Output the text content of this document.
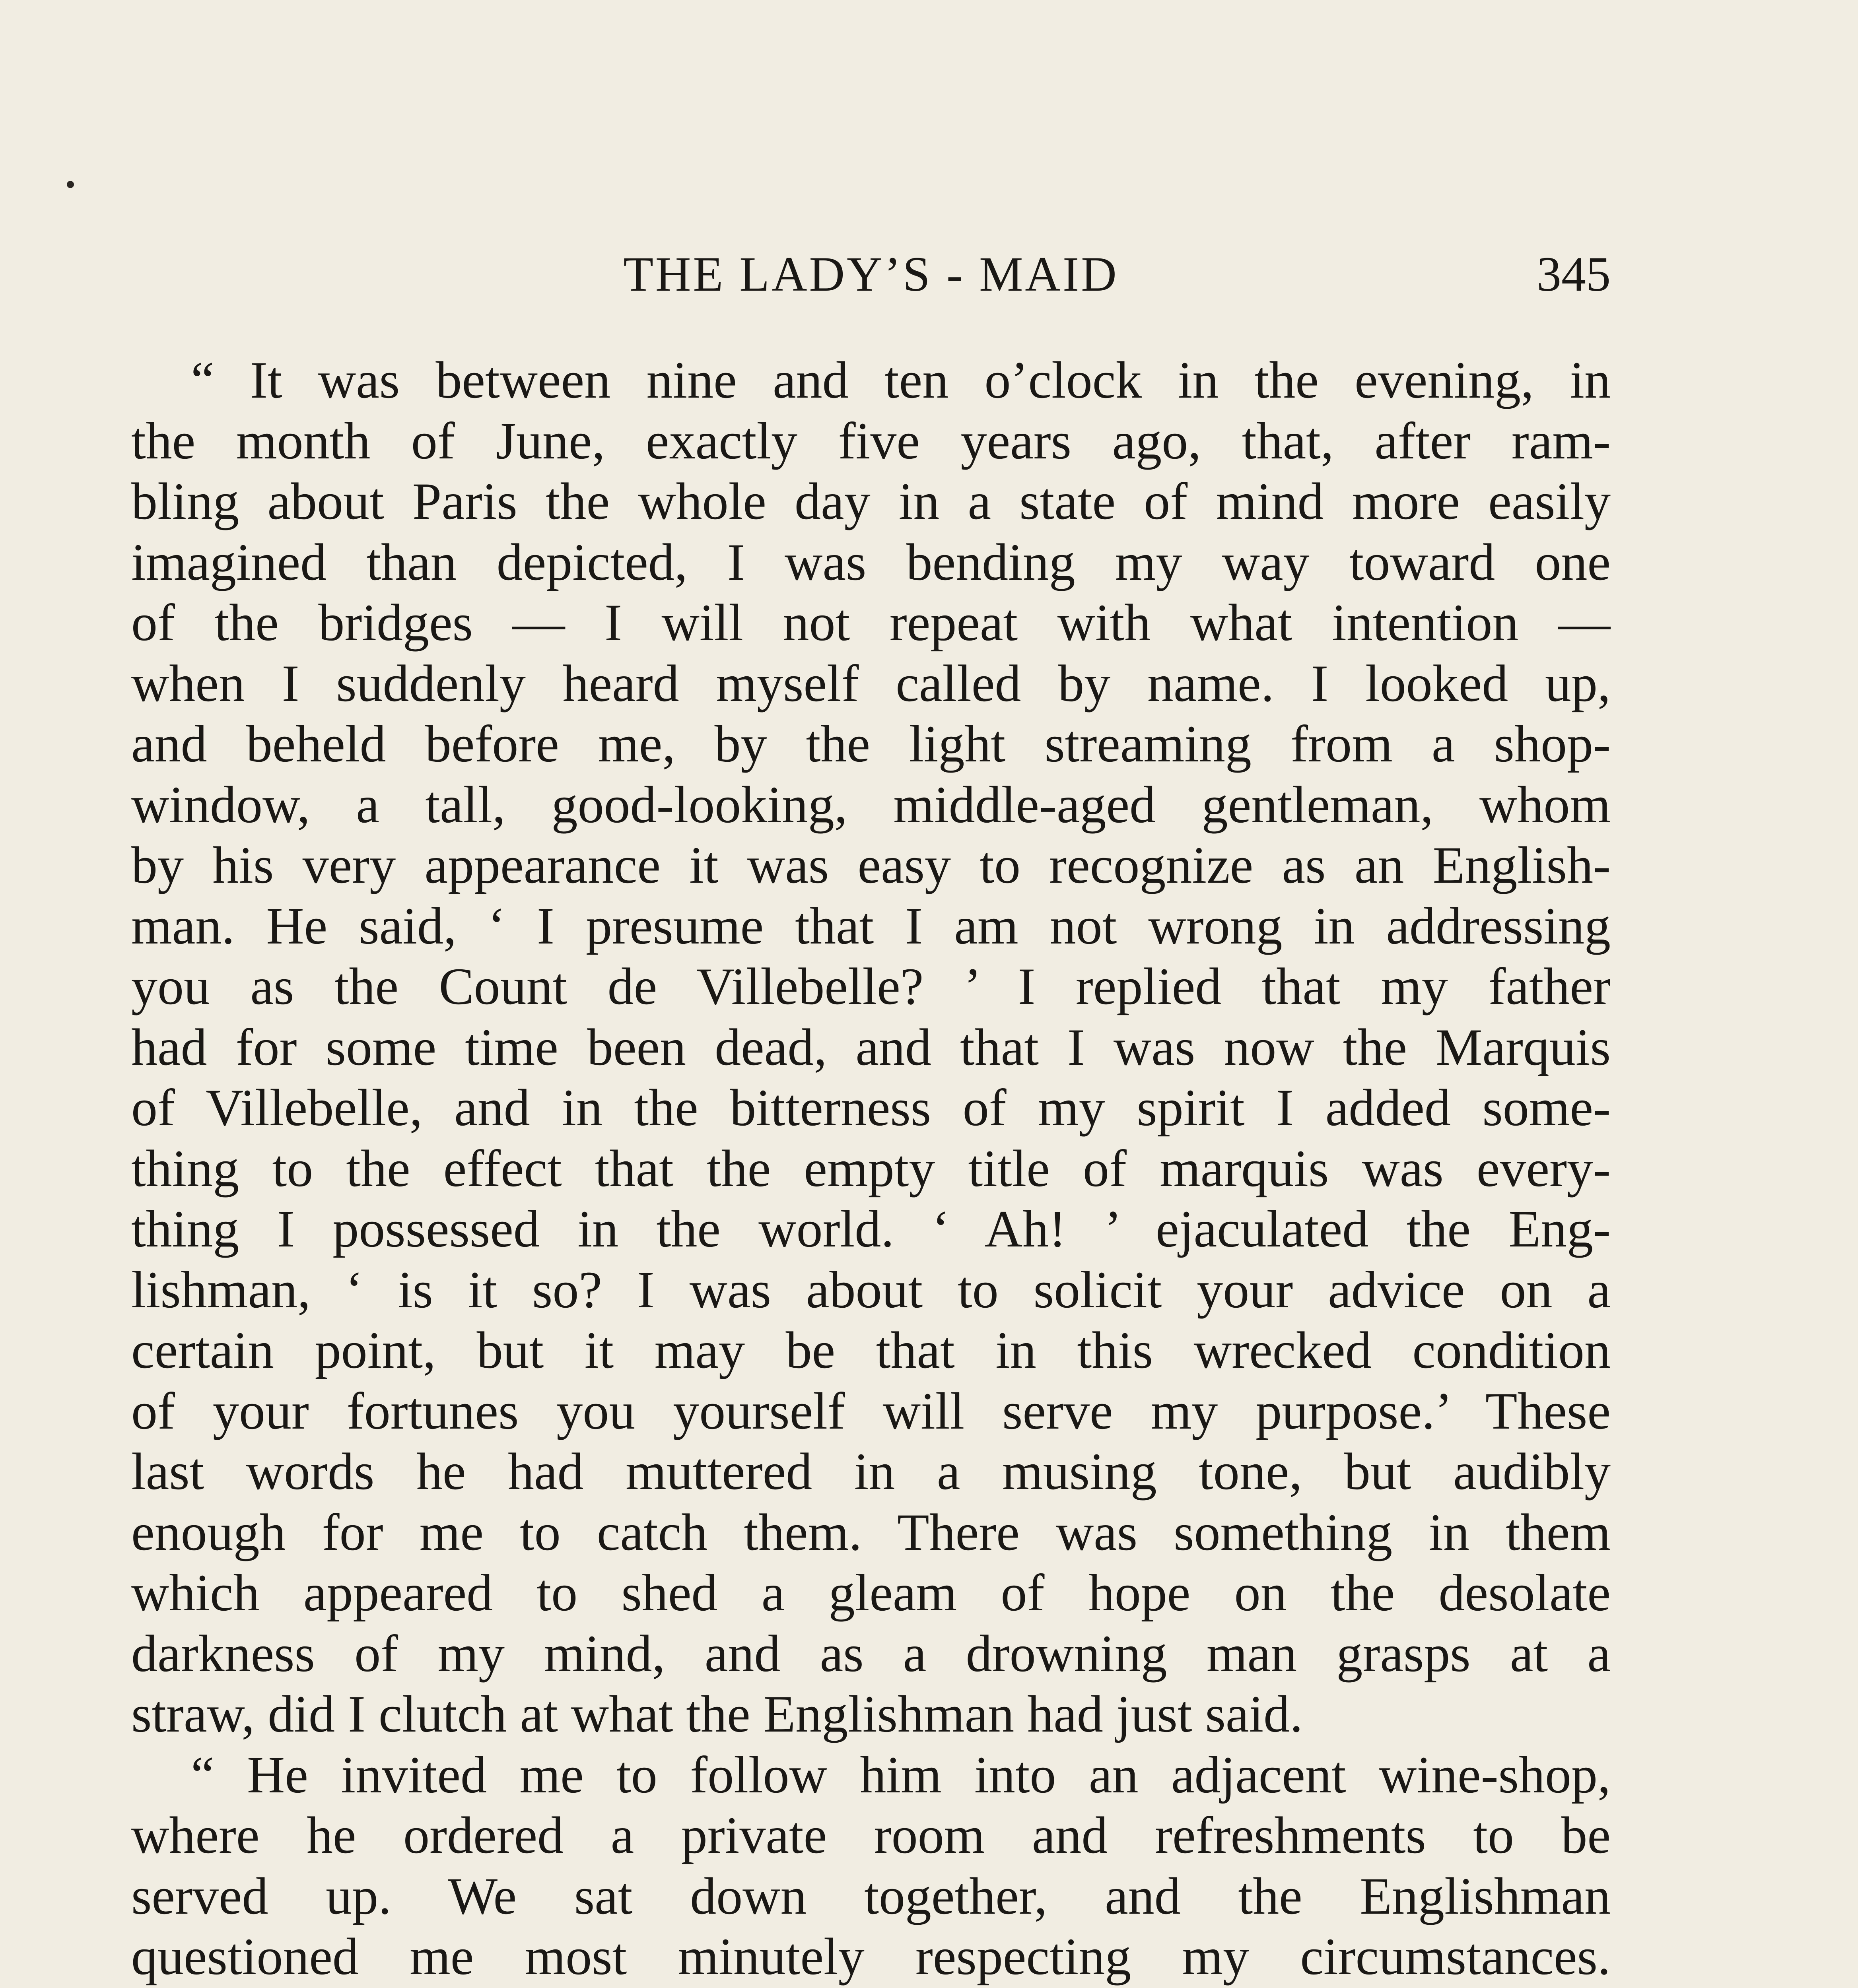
THE LADY’S - MAID	345
“ It was between nine and ten o’clock in the evening, in
the month of June, exactly five years ago, that, after ram-
bling about Paris the whole day in a state of mind more easily
imagined than depicted, I was bending my way toward one
of the bridges — I will not repeat with what intention —
when I suddenly heard myself called by name. I looked up,
and beheld before me, by the light streaming from a shop-
window, a tall, good-looking, middle-aged gentleman, whom
by his very appearance it was easy to recognize as an English-
man. He said, ‘ I presume that I am not wrong in addressing
you as the Count de Villebelle? ’ I replied that my father
had for some time been dead, and that I was now the Marquis
of Villebelle, and in the bitterness of my spirit I added some-
thing to the effect that the empty title of marquis was every-
thing I possessed in the world. ‘ Ah! ’ ejaculated the Eng-
lishman, ‘ is it so? I was about to solicit your advice on a
certain point, but it may be that in this wrecked condition
of your fortunes you yourself will serve my purpose.’ These
last words he had muttered in a musing tone, but audibly
enough for me to catch them. There was something in them
which appeared to shed a gleam of hope on the desolate
darkness of my mind, and as a drowning man grasps at a
straw, did I clutch at what the Englishman had just said.
“ He invited me to follow him into an adjacent wine-shop,
where he ordered a private room and refreshments to be
served up. We sat down together, and the Englishman
questioned me most minutely respecting my circumstances.
